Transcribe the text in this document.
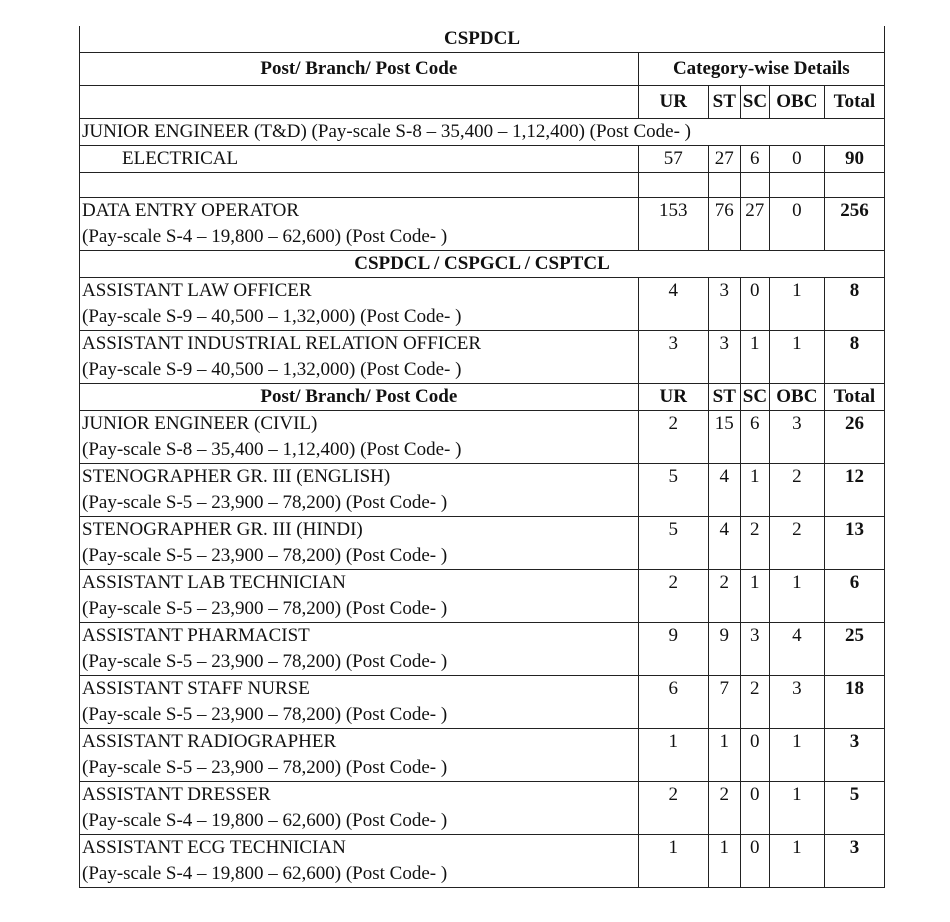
CSPDCL					
Post/ Branch/ Post Code	Category-wise Details				
	UR	ST	SC	OBC	Total
JUNIOR ENGINEER (T&D) (Pay-scale S-8 – 35,400 – 1,12,400) (Post Code- )					
ELECTRICAL	57	27	6	0	90

DATA ENTRY OPERATOR
(Pay-scale S-4 – 19,800 – 62,600) (Post Code- )	153	76	27	0	256
CSPDCL / CSPGCL / CSPTCL					

ASSISTANT LAW OFFICER
(Pay-scale S-9 – 40,500 – 1,32,000) (Post Code- )	4	3	0	1	8

ASSISTANT INDUSTRIAL RELATION OFFICER
(Pay-scale S-9 – 40,500 – 1,32,000) (Post Code- )	3	3	1	1	8
Post/ Branch/ Post Code	UR	ST	SC	OBC	Total

JUNIOR ENGINEER (CIVIL)
(Pay-scale S-8 – 35,400 – 1,12,400) (Post Code- )	2	15	6	3	26

STENOGRAPHER GR. III (ENGLISH)
(Pay-scale S-5 – 23,900 – 78,200) (Post Code- )	5	4	1	2	12

STENOGRAPHER GR. III (HINDI)
(Pay-scale S-5 – 23,900 – 78,200) (Post Code- )	5	4	2	2	13

ASSISTANT LAB TECHNICIAN
(Pay-scale S-5 – 23,900 – 78,200) (Post Code- )	2	2	1	1	6

ASSISTANT PHARMACIST
(Pay-scale S-5 – 23,900 – 78,200) (Post Code- )	9	9	3	4	25

ASSISTANT STAFF NURSE
(Pay-scale S-5 – 23,900 – 78,200) (Post Code- )	6	7	2	3	18

ASSISTANT RADIOGRAPHER
(Pay-scale S-5 – 23,900 – 78,200) (Post Code- )	1	1	0	1	3

ASSISTANT DRESSER
(Pay-scale S-4 – 19,800 – 62,600) (Post Code- )	2	2	0	1	5

ASSISTANT ECG TECHNICIAN
(Pay-scale S-4 – 19,800 – 62,600) (Post Code- )	1	1	0	1	3
